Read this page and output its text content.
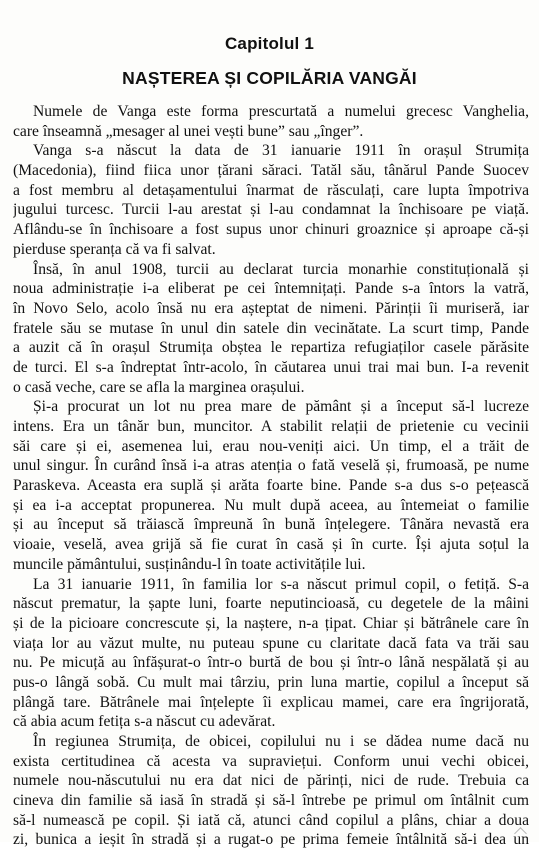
Capitolul 1
NAȘTEREA ȘI COPILĂRIA VANGĂI
Numele de Vanga este forma prescurtată a numelui grecesc Vanghelia,
care înseamnă „mesager al unei vești bune” sau „înger”.
Vanga s-a născut la data de 31 ianuarie 1911 în orașul Strumița
(Macedonia), fiind fiica unor țărani săraci. Tatăl său, tânărul Pande Suocev
a fost membru al detașamentului înarmat de răsculați, care lupta împotriva
jugului turcesc. Turcii l-au arestat și l-au condamnat la închisoare pe viață.
Aflându-se în închisoare a fost supus unor chinuri groaznice și aproape că-și
pierduse speranța că va fi salvat.
Însă, în anul 1908, turcii au declarat turcia monarhie constituțională și
noua administrație i-a eliberat pe cei întemnițați. Pande s-a întors la vatră,
în Novo Selo, acolo însă nu era așteptat de nimeni. Părinții îi muriseră, iar
fratele său se mutase în unul din satele din vecinătate. La scurt timp, Pande
a auzit că în orașul Strumița obștea le repartiza refugiaților casele părăsite
de turci. El s-a îndreptat într-acolo, în căutarea unui trai mai bun. I-a revenit
o casă veche, care se afla la marginea orașului.
Și-a procurat un lot nu prea mare de pământ și a început să-l lucreze
intens. Era un tânăr bun, muncitor. A stabilit relații de prietenie cu vecinii
săi care și ei, asemenea lui, erau nou-veniți aici. Un timp, el a trăit de
unul singur. În curând însă i-a atras atenția o fată veselă și, frumoasă, pe nume
Paraskeva. Aceasta era suplă și arăta foarte bine. Pande s-a dus s-o pețească
și ea i-a acceptat propunerea. Nu mult după aceea, au întemeiat o familie
și au început să trăiască împreună în bună înțelegere. Tânăra nevastă era
vioaie, veselă, avea grijă să fie curat în casă și în curte. Își ajuta soțul la
muncile pământului, susținându-l în toate activitățile lui.
La 31 ianuarie 1911, în familia lor s-a născut primul copil, o fetiță. S-a
născut prematur, la șapte luni, foarte neputincioasă, cu degetele de la mâini
și de la picioare concrescute și, la naștere, n-a țipat. Chiar și bătrânele care în
viața lor au văzut multe, nu puteau spune cu claritate dacă fata va trăi sau
nu. Pe micuță au înfășurat-o într-o burtă de bou și într-o lână nespălată și au
pus-o lângă sobă. Cu mult mai târziu, prin luna martie, copilul a început să
plângă tare. Bătrânele mai înțelepte îi explicau mamei, care era îngrijorată,
că abia acum fetița s-a născut cu adevărat.
În regiunea Strumița, de obicei, copilului nu i se dădea nume dacă nu
exista certitudinea că acesta va supraviețui. Conform unui vechi obicei,
numele nou-născutului nu era dat nici de părinți, nici de rude. Trebuia ca
cineva din familie să iasă în stradă și să-l întrebe pe primul om întâlnit cum
să-l numească pe copil. Și iată că, atunci când copilul a plâns, chiar a doua
zi, bunica a ieșit în stradă și a rugat-o pe prima femeie întâlnită să-i dea un
